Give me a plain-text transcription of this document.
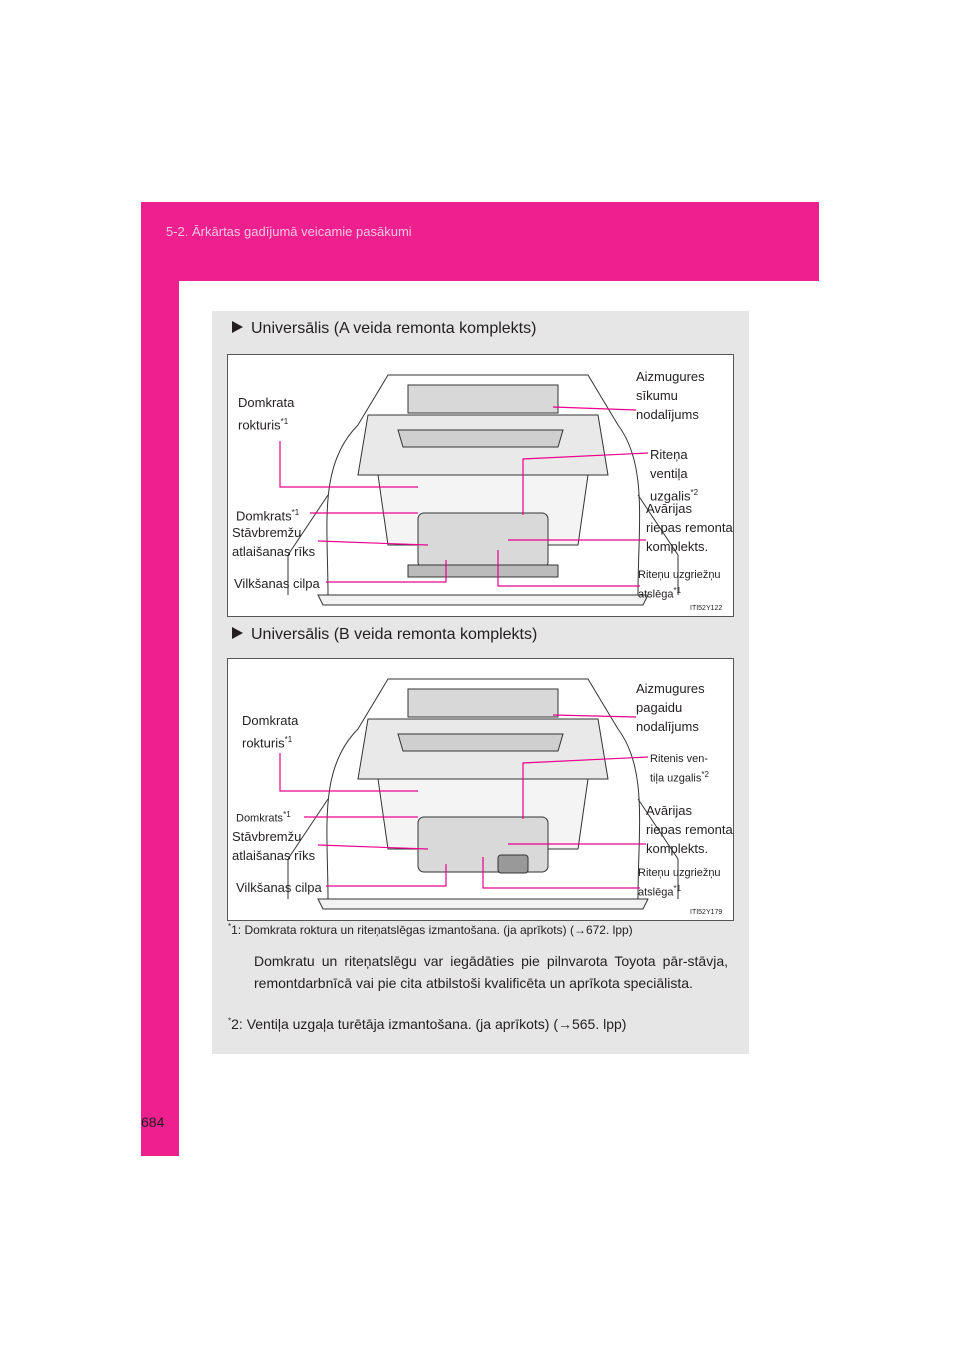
5-2. Ārkārtas gadījumā veicamie pasākumi
Universālis (A veida remonta komplekts)
Domkrata
rokturis$^{*1}$
Domkrats$^{*1}$
Stāvbremžu
atlaišanas rīks
Vilkšanas cilpa
Aizmugures
sīkumu
nodalījums
Riteņa
ventiļa
uzgalis$^{*2}$
Avārijas
riepas remonta
komplekts.
Riteņu uzgriežņu
atslēga$^{*1}$
ITI52Y122
Universālis (B veida remonta komplekts)
Domkrata
rokturis$^{*1}$
Domkrats$^{*1}$
Stāvbremžu
atlaišanas rīks
Vilkšanas cilpa
Aizmugures
pagaidu
nodalījums
Ritenis ven-
tiļa uzgalis$^{*2}$
Avārijas
riepas remonta
komplekts.
Riteņu uzgriežņu
atslēga$^{*1}$
ITI52Y179
*1: Domkrata roktura un riteņatslēgas izmantošana. (ja aprīkots) (→672. lpp)
Domkratu un riteņatslēgu var iegādāties pie pilnvarota Toyota pār-stāvja, remontdarbnīcā vai pie cita atbilstoši kvalificēta un aprīkota speciālista.
*2: Ventiļa uzgaļa turētāja izmantošana. (ja aprīkots) (→565. lpp)
684
